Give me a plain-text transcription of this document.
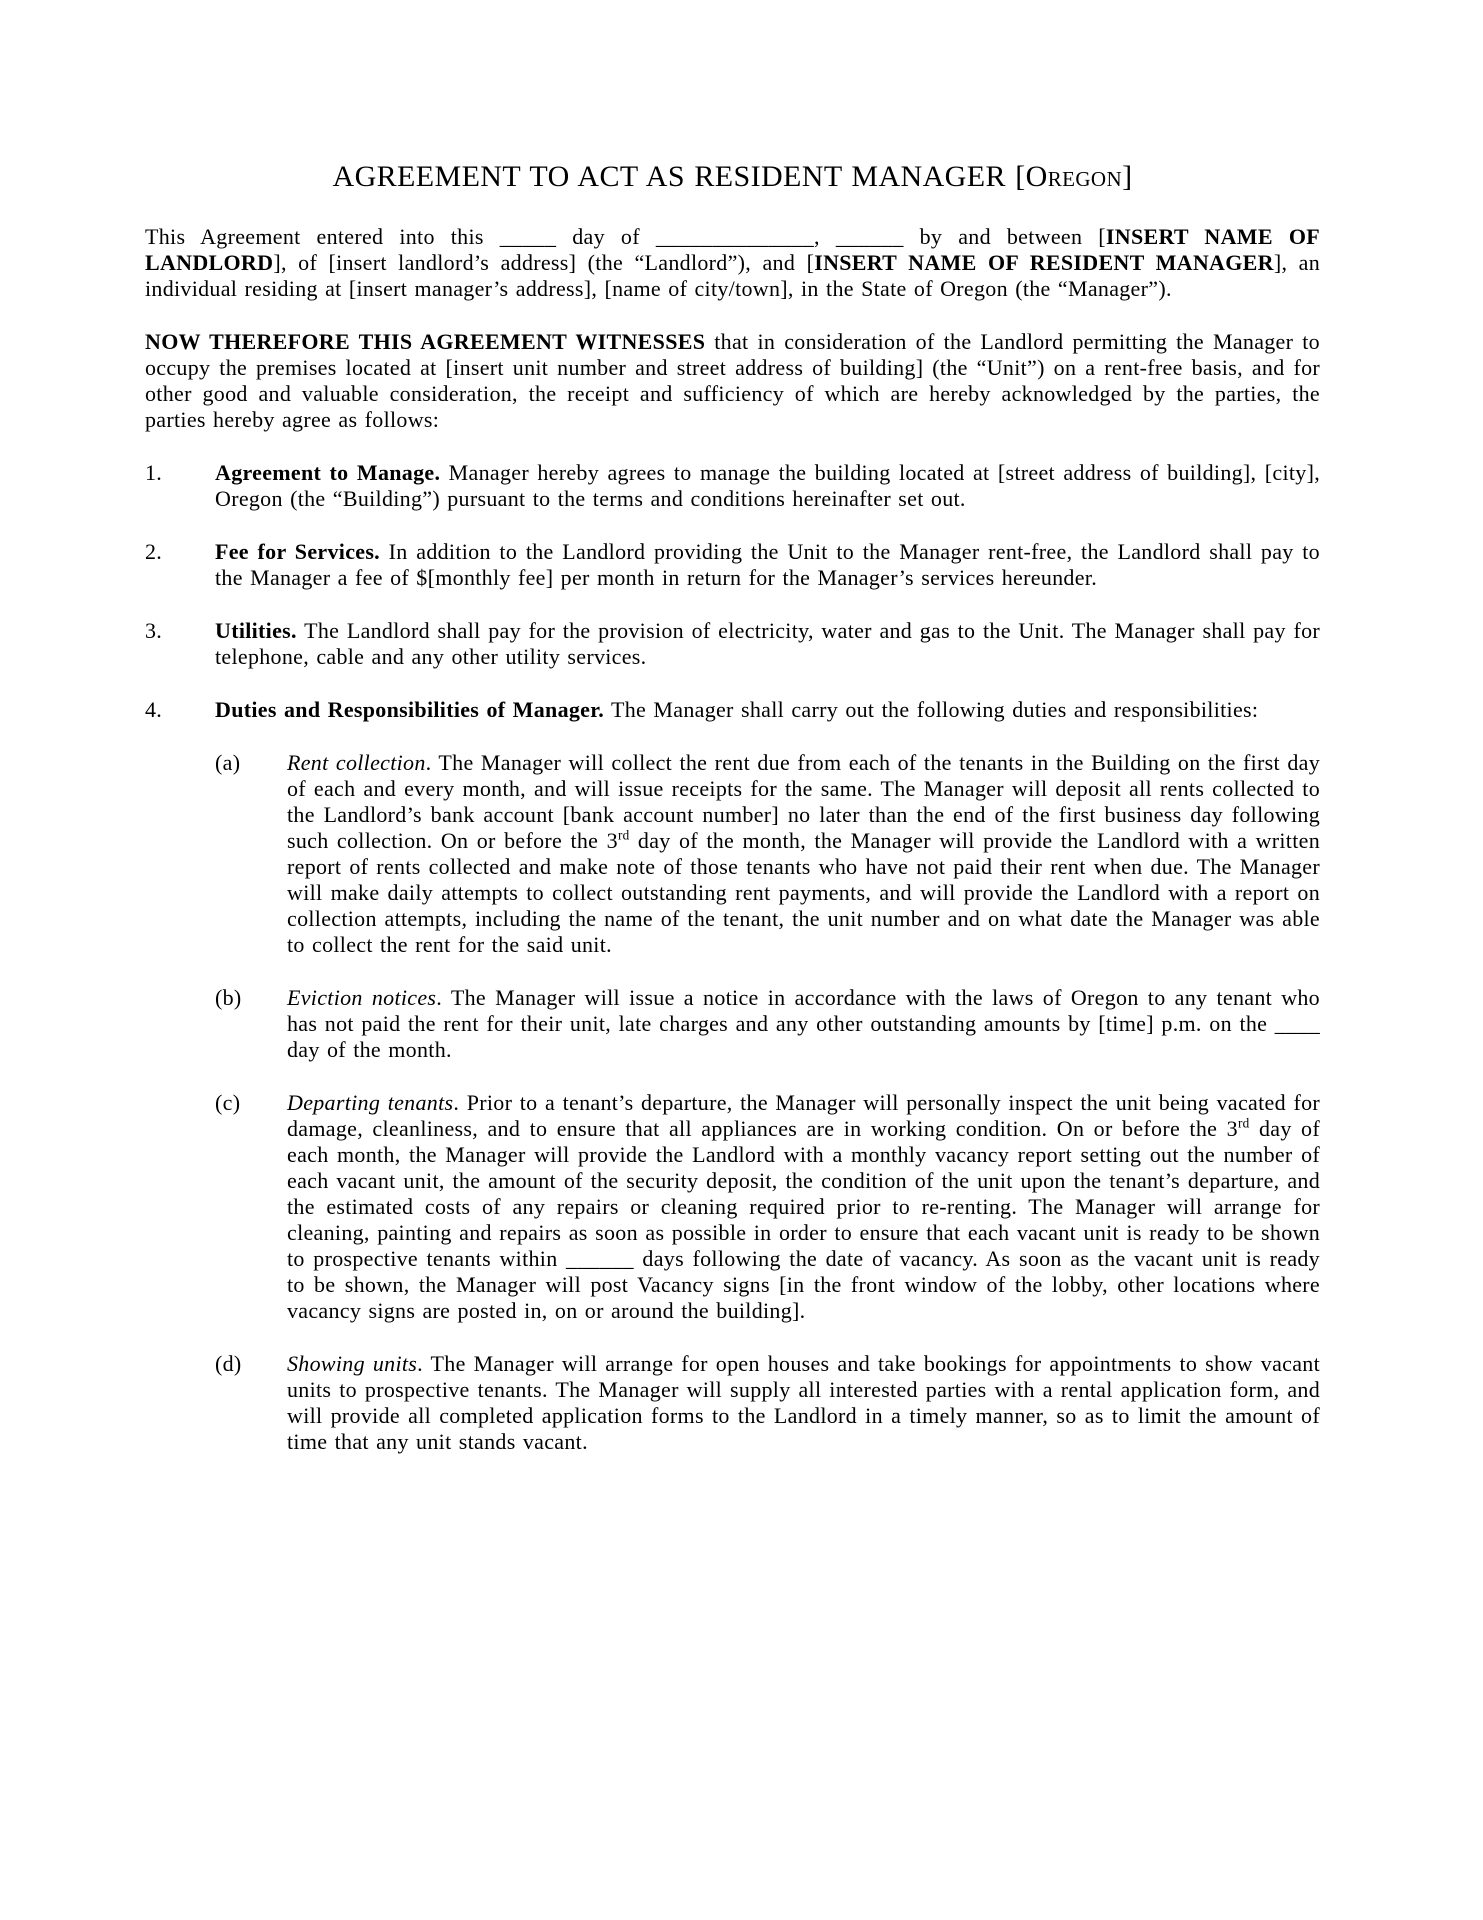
AGREEMENT TO ACT AS RESIDENT MANAGER [Oregon]

This Agreement entered into this _____ day of ______________, ______ by and between [INSERT NAME OF LANDLORD], of [insert landlord’s address] (the “Landlord”), and [INSERT NAME OF RESIDENT MANAGER], an individual residing at [insert manager’s address], [name of city/town], in the State of Oregon (the “Manager”).

NOW THEREFORE THIS AGREEMENT WITNESSES that in consideration of the Landlord permitting the Manager to occupy the premises located at [insert unit number and street address of building] (the “Unit”) on a rent-free basis, and for other good and valuable consideration, the receipt and sufficiency of which are hereby acknowledged by the parties, the parties hereby agree as follows:

1.	Agreement to Manage. Manager hereby agrees to manage the building located at [street address of building], [city], Oregon (the “Building”) pursuant to the terms and conditions hereinafter set out.
2.	Fee for Services. In addition to the Landlord providing the Unit to the Manager rent-free, the Landlord shall pay to the Manager a fee of $[monthly fee] per month in return for the Manager’s services hereunder.
3.	Utilities. The Landlord shall pay for the provision of electricity, water and gas to the Unit. The Manager shall pay for telephone, cable and any other utility services.
4.	Duties and Responsibilities of Manager. The Manager shall carry out the following duties and responsibilities:
(a)	Rent collection. The Manager will collect the rent due from each of the tenants in the Building on the first day of each and every month, and will issue receipts for the same. The Manager will deposit all rents collected to the Landlord’s bank account [bank account number] no later than the end of the first business day following such collection. On or before the 3rd day of the month, the Manager will provide the Landlord with a written report of rents collected and make note of those tenants who have not paid their rent when due. The Manager will make daily attempts to collect outstanding rent payments, and will provide the Landlord with a report on collection attempts, including the name of the tenant, the unit number and on what date the Manager was able to collect the rent for the said unit.
(b)	Eviction notices. The Manager will issue a notice in accordance with the laws of Oregon to any tenant who has not paid the rent for their unit, late charges and any other outstanding amounts by [time] p.m. on the ____ day of the month.
(c)	Departing tenants. Prior to a tenant’s departure, the Manager will personally inspect the unit being vacated for damage, cleanliness, and to ensure that all appliances are in working condition. On or before the 3rd day of each month, the Manager will provide the Landlord with a monthly vacancy report setting out the number of each vacant unit, the amount of the security deposit, the condition of the unit upon the tenant’s departure, and the estimated costs of any repairs or cleaning required prior to re-renting. The Manager will arrange for cleaning, painting and repairs as soon as possible in order to ensure that each vacant unit is ready to be shown to prospective tenants within ______ days following the date of vacancy. As soon as the vacant unit is ready to be shown, the Manager will post Vacancy signs [in the front window of the lobby, other locations where vacancy signs are posted in, on or around the building].
(d)	Showing units. The Manager will arrange for open houses and take bookings for appointments to show vacant units to prospective tenants. The Manager will supply all interested parties with a rental application form, and will provide all completed application forms to the Landlord in a timely manner, so as to limit the amount of time that any unit stands vacant.
